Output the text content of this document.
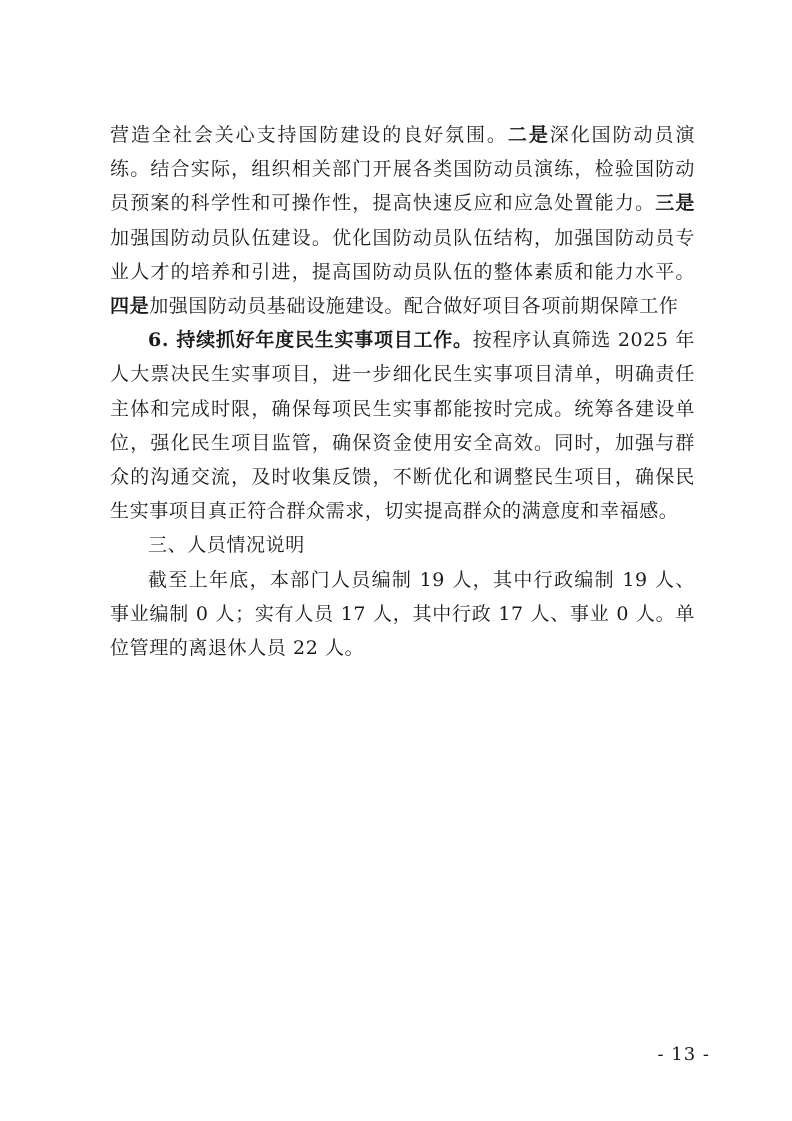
营造全社会关心支持国防建设的良好氛围。二是深化国防动员演练。结合实际，组织相关部门开展各类国防动员演练，检验国防动员预案的科学性和可操作性，提高快速反应和应急处置能力。三是加强国防动员队伍建设。优化国防动员队伍结构，加强国防动员专业人才的培养和引进，提高国防动员队伍的整体素质和能力水平。四是加强国防动员基础设施建设。配合做好项目各项前期保障工作

6. 持续抓好年度民生实事项目工作。按程序认真筛选 2025 年人大票决民生实事项目，进一步细化民生实事项目清单，明确责任主体和完成时限，确保每项民生实事都能按时完成。统筹各建设单位，强化民生项目监管，确保资金使用安全高效。同时，加强与群众的沟通交流，及时收集反馈，不断优化和调整民生项目，确保民生实事项目真正符合群众需求，切实提高群众的满意度和幸福感。

三、人员情况说明

截至上年底，本部门人员编制 19 人，其中行政编制 19 人、事业编制 0 人；实有人员 17 人，其中行政 17 人、事业 0 人。单位管理的离退休人员 22 人。

- 13 -
